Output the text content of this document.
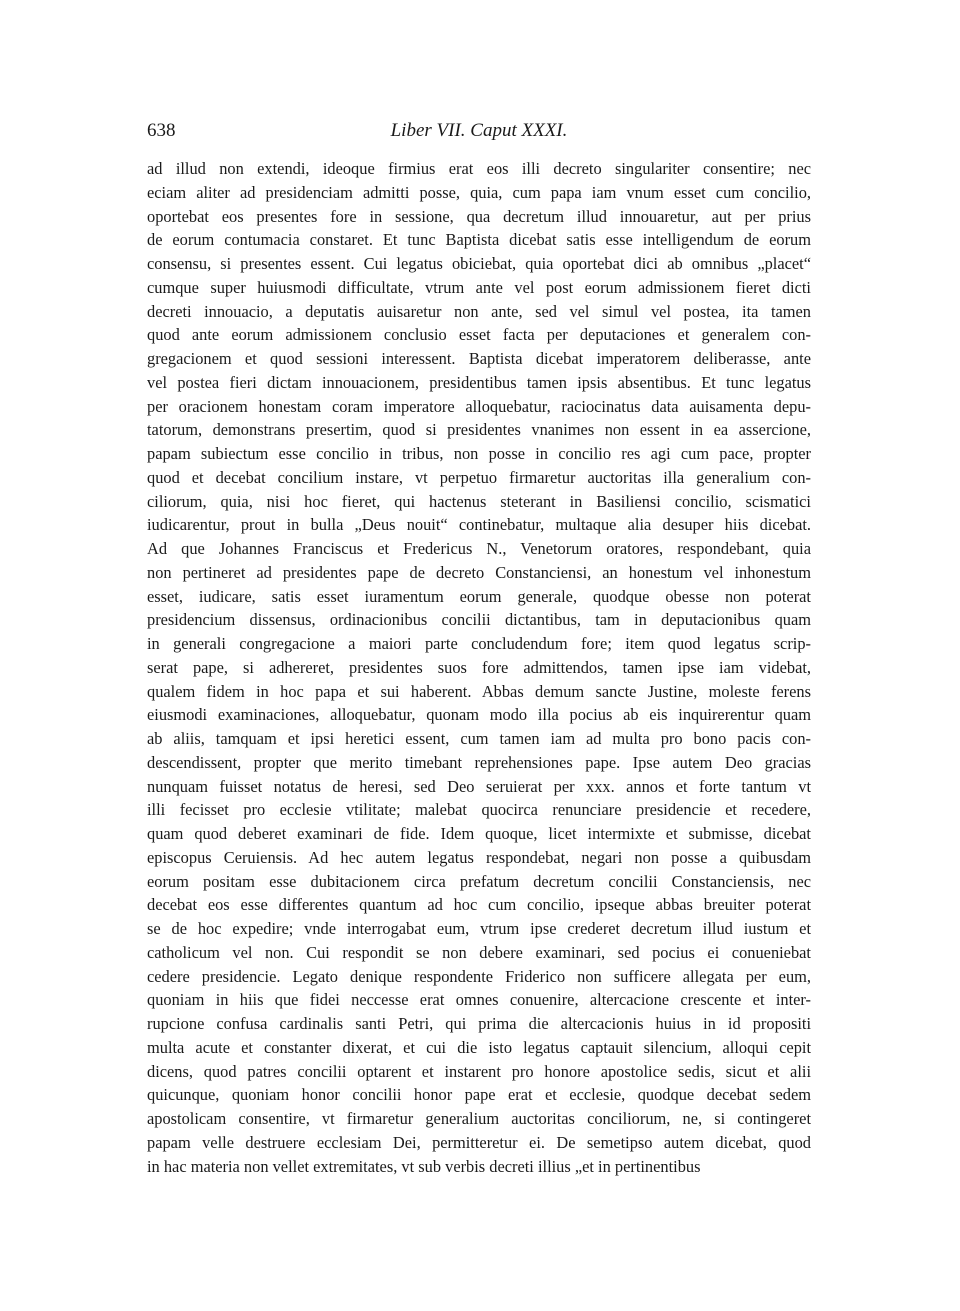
638	Liber VII. Caput XXXI.
ad illud non extendi, ideoque firmius erat eos illi decreto singulariter consentire; nec
eciam aliter ad presidenciam admitti posse, quia, cum papa iam vnum esset cum concilio,
oportebat eos presentes fore in sessione, qua decretum illud innouaretur, aut per prius
de eorum contumacia constaret. Et tunc Baptista dicebat satis esse intelligendum de eorum
consensu, si presentes essent. Cui legatus obiciebat, quia oportebat dici ab omnibus „placet“
cumque super huiusmodi difficultate, vtrum ante vel post eorum admissionem fieret dicti
decreti innouacio, a deputatis auisaretur non ante, sed vel simul vel postea, ita tamen
quod ante eorum admissionem conclusio esset facta per deputaciones et generalem con-
gregacionem et quod sessioni interessent. Baptista dicebat imperatorem deliberasse, ante
vel postea fieri dictam innouacionem, presidentibus tamen ipsis absentibus. Et tunc legatus
per oracionem honestam coram imperatore alloquebatur, raciocinatus data auisamenta depu-
tatorum, demonstrans presertim, quod si presidentes vnanimes non essent in ea assercione,
papam subiectum esse concilio in tribus, non posse in concilio res agi cum pace, propter
quod et decebat concilium instare, vt perpetuo firmaretur auctoritas illa generalium con-
ciliorum, quia, nisi hoc fieret, qui hactenus steterant in Basiliensi concilio, scismatici
iudicarentur, prout in bulla „Deus nouit“ continebatur, multaque alia desuper hiis dicebat.
Ad que Johannes Franciscus et Fredericus N., Venetorum oratores, respondebant, quia
non pertineret ad presidentes pape de decreto Constanciensi, an honestum vel inhonestum
esset, iudicare, satis esset iuramentum eorum generale, quodque obesse non poterat
presidencium dissensus, ordinacionibus concilii dictantibus, tam in deputacionibus quam
in generali congregacione a maiori parte concludendum fore; item quod legatus scrip-
serat pape, si adhereret, presidentes suos fore admittendos, tamen ipse iam videbat,
qualem fidem in hoc papa et sui haberent. Abbas demum sancte Justine, moleste ferens
eiusmodi examinaciones, alloquebatur, quonam modo illa pocius ab eis inquirerentur quam
ab aliis, tamquam et ipsi heretici essent, cum tamen iam ad multa pro bono pacis con-
descendissent, propter que merito timebant reprehensiones pape. Ipse autem Deo gracias
nunquam fuisset notatus de heresi, sed Deo seruierat per xxx. annos et forte tantum vt
illi fecisset pro ecclesie vtilitate; malebat quocirca renunciare presidencie et recedere,
quam quod deberet examinari de fide. Idem quoque, licet intermixte et submisse, dicebat
episcopus Ceruiensis. Ad hec autem legatus respondebat, negari non posse a quibusdam
eorum positam esse dubitacionem circa prefatum decretum concilii Constanciensis, nec
decebat eos esse differentes quantum ad hoc cum concilio, ipseque abbas breuiter poterat
se de hoc expedire; vnde interrogabat eum, vtrum ipse crederet decretum illud iustum et
catholicum vel non. Cui respondit se non debere examinari, sed pocius ei conueniebat
cedere presidencie. Legato denique respondente Friderico non sufficere allegata per eum,
quoniam in hiis que fidei neccesse erat omnes conuenire, altercacione crescente et inter-
rupcione confusa cardinalis santi Petri, qui prima die altercacionis huius in id propositi
multa acute et constanter dixerat, et cui die isto legatus captauit silencium, alloqui cepit
dicens, quod patres concilii optarent et instarent pro honore apostolice sedis, sicut et alii
quicunque, quoniam honor concilii honor pape erat et ecclesie, quodque decebat sedem
apostolicam consentire, vt firmaretur generalium auctoritas conciliorum, ne, si contingeret
papam velle destruere ecclesiam Dei, permitteretur ei. De semetipso autem dicebat, quod
in hac materia non vellet extremitates, vt sub verbis decreti illius „et in pertinentibus
